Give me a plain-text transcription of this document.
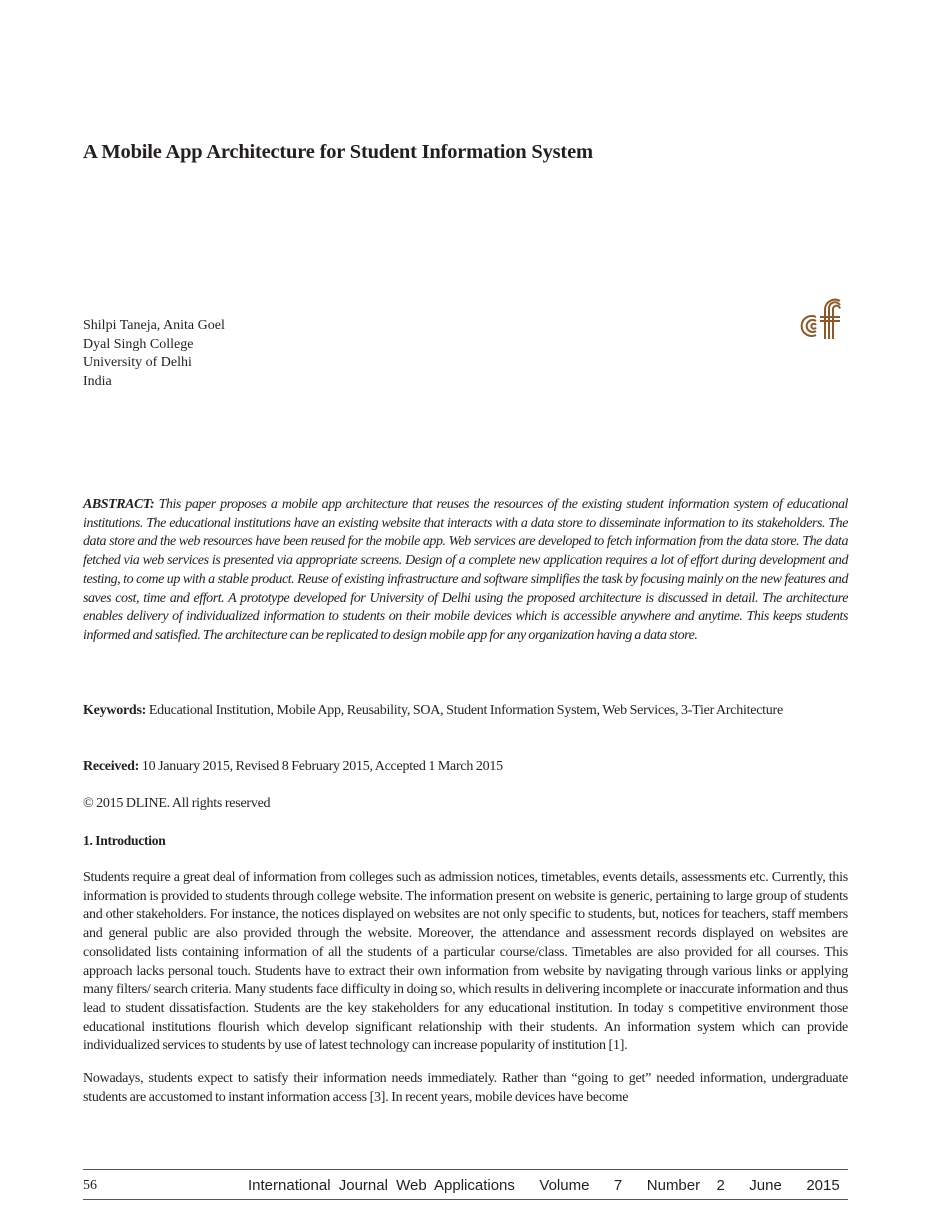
A Mobile App Architecture for Student Information System
Shilpi Taneja, Anita Goel
Dyal Singh College
University of Delhi
India
ABSTRACT: This paper proposes a mobile app architecture that reuses the resources of the existing student information system of educational institutions. The educational institutions have an existing website that interacts with a data store to disseminate information to its stakeholders. The data store and the web resources have been reused for the mobile app. Web services are developed to fetch information from the data store. The data fetched via web services is presented via appropriate screens. Design of a complete new application requires a lot of effort during development and testing, to come up with a stable product. Reuse of existing infrastructure and software simplifies the task by focusing mainly on the new features and saves cost, time and effort. A prototype developed for University of Delhi using the proposed architecture is discussed in detail. The architecture enables delivery of individualized information to students on their mobile devices which is accessible anywhere and anytime. This keeps students informed and satisfied. The architecture can be replicated to design mobile app for any organization having a data store.
Keywords: Educational Institution, Mobile App, Reusability, SOA, Student Information System, Web Services, 3-Tier Architecture
Received: 10 January 2015, Revised 8 February 2015, Accepted 1 March 2015
© 2015 DLINE. All rights reserved
1. Introduction
Students require a great deal of information from colleges such as admission notices, timetables, events details, assessments etc. Currently, this information is provided to students through college website. The information present on website is generic, pertaining to large group of students and other stakeholders. For instance, the notices displayed on websites are not only specific to students, but, notices for teachers, staff members and general public are also provided through the website. Moreover, the attendance and assessment records displayed on websites are consolidated lists containing information of all the students of a particular course/class. Timetables are also provided for all courses. This approach lacks personal touch. Students have to extract their own information from website by navigating through various links or applying many filters/ search criteria. Many students face difficulty in doing so, which results in delivering incomplete or inaccurate information and thus lead to student dissatisfaction. Students are the key stakeholders for any educational institution. In today s competitive environment those educational institutions flourish which develop significant relationship with their students. An information system which can provide individualized services to students by use of latest technology can increase popularity of institution [1].
Nowadays, students expect to satisfy their information needs immediately. Rather than “going to get” needed information, undergraduate students are accustomed to instant information access [3]. In recent years, mobile devices have become
56	International Journal Web Applications   Volume   7   Number  2   June   2015
